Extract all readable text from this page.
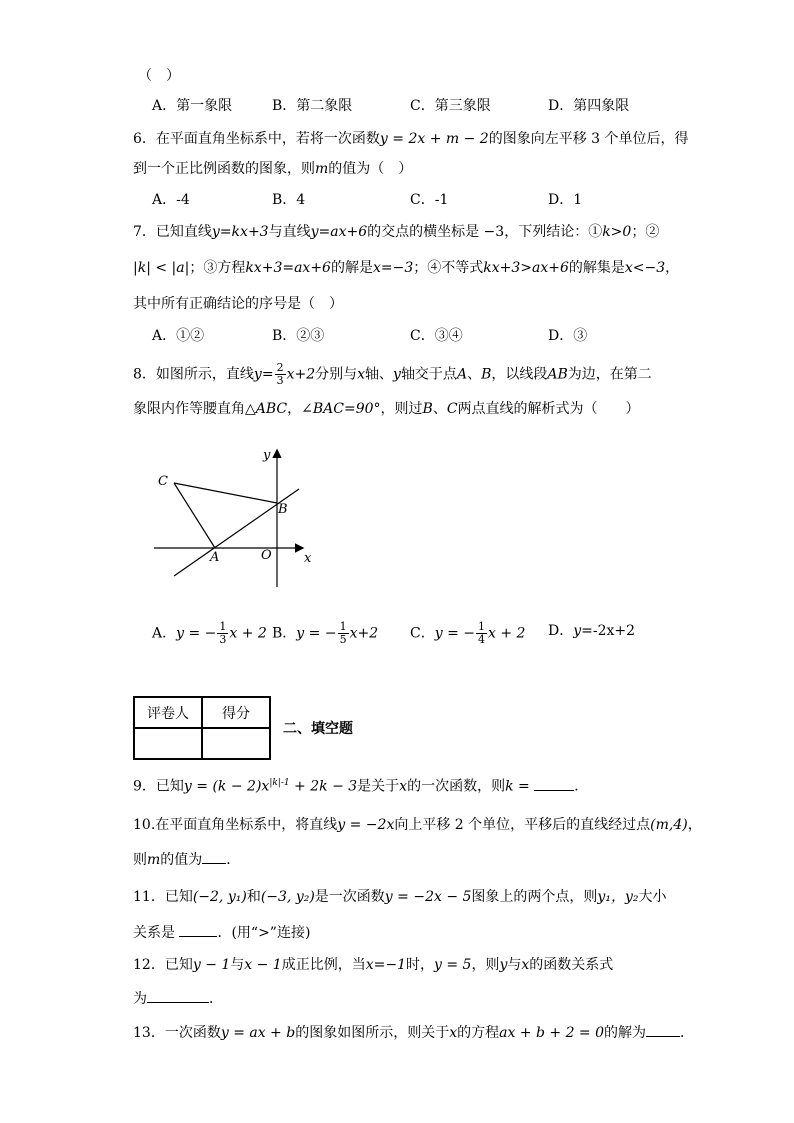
（　）
A．第一象限	B．第二象限	C．第三象限	D．第四象限
6．在平面直角坐标系中，若将一次函数y = 2x + m − 2的图象向左平移 3 个单位后，得
到一个正比例函数的图象，则m的值为（　）
A．-4	B．4	C．-1	D．1
7．已知直线y=kx+3与直线y=ax+6的交点的横坐标是 −3，下列结论：①k>0；②
|k| < |a|；③方程kx+3=ax+6的解是x=−3；④不等式kx+3>ax+6的解集是x<−3，
其中所有正确结论的序号是（　）
A．①②	B．②③	C．③④	D．③
8．如图所示，直线$y= \frac{2}{3} x+2$分别与x轴、y轴交于点A、B，以线段AB为边，在第二
象限内作等腰直角△ABC，∠BAC=90°，则过B、C两点直线的解析式为（　　）
y
C
B
A	O x
A．y = − $\frac{1}{3}$ x + 2 B．y = − $\frac{1}{5} x+2$ C．y = − $\frac{1}{4}$ x + 2 D．y=-2x+2
评卷人	得分

二、填空题
9．已知$y = (k - 2)x^{|k|-1} + 2k - 3$是关于x的一次函数，则k =	．
10.在平面直角坐标系中，将直线y = −2x向上平移 2 个单位，平移后的直线经过点(m,4)，
则m的值为 ．
11．已知(−2, y₁)和(−3, y₂)是一次函数y = −2x − 5图象上的两个点，则y₁，y₂大小
关系是	．(用“>”连接)
12．已知y − 1与x − 1成正比例，当x=−1时，y = 5，则y与x的函数关系式
为	．
13．一次函数y = ax + b的图象如图所示，则关于x的方程ax + b + 2 = 0的解为 ．
